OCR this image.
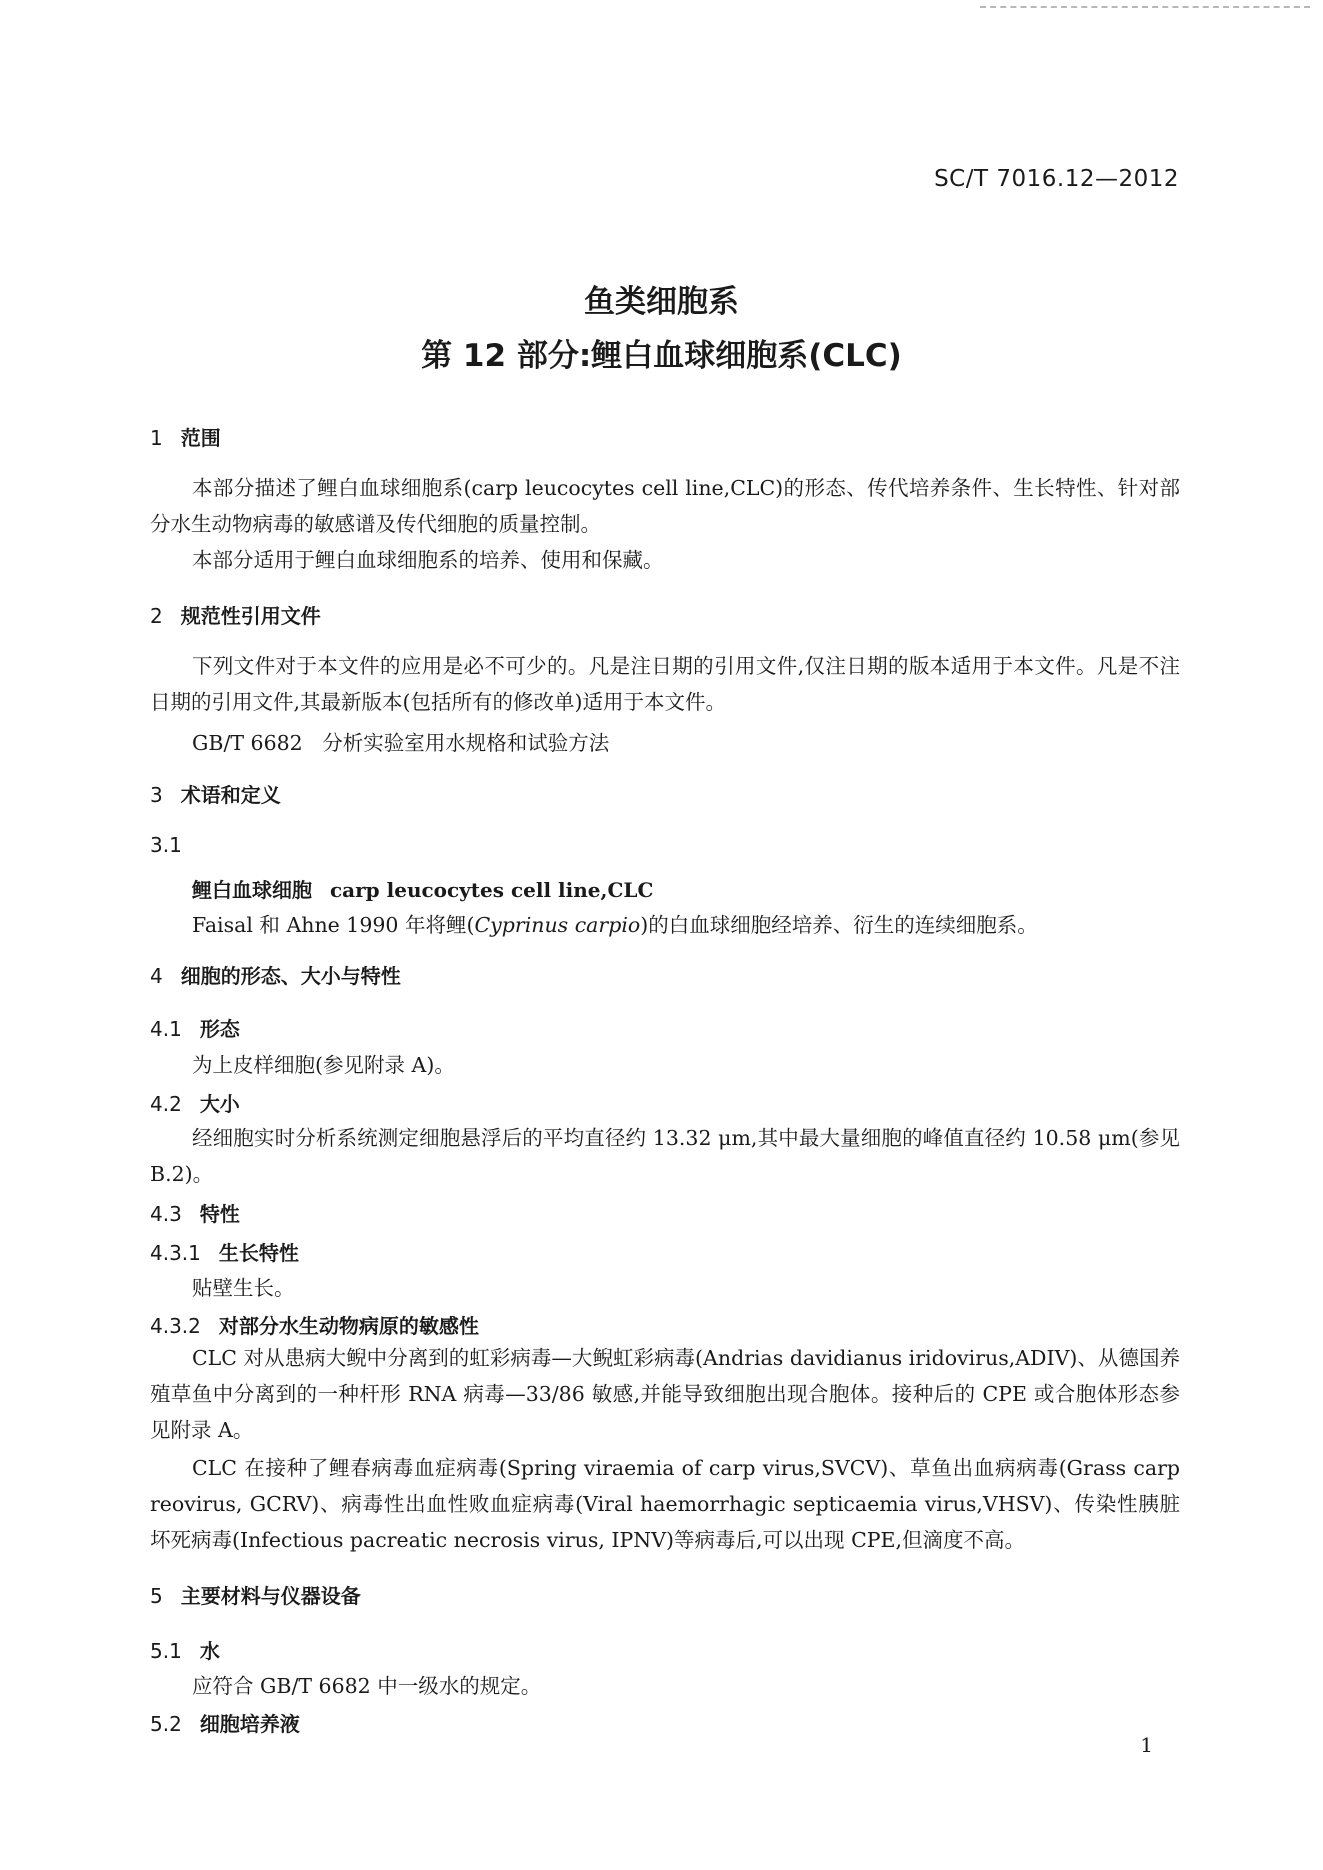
SC/T 7016.12—2012
鱼类细胞系
第 12 部分:鲤白血球细胞系(CLC)
1 范围
本部分描述了鲤白血球细胞系(carp leucocytes cell line,CLC)的形态、传代培养条件、生长特性、针对部分水生动物病毒的敏感谱及传代细胞的质量控制。
本部分适用于鲤白血球细胞系的培养、使用和保藏。
2 规范性引用文件
下列文件对于本文件的应用是必不可少的。凡是注日期的引用文件,仅注日期的版本适用于本文件。凡是不注日期的引用文件,其最新版本(包括所有的修改单)适用于本文件。
GB/T 6682 分析实验室用水规格和试验方法
3 术语和定义
3.1
鲤白血球细胞 carp leucocytes cell line,CLC
Faisal 和 Ahne 1990 年将鲤(Cyprinus carpio)的白血球细胞经培养、衍生的连续细胞系。
4 细胞的形态、大小与特性
4.1 形态
为上皮样细胞(参见附录 A)。
4.2 大小
经细胞实时分析系统测定细胞悬浮后的平均直径约 13.32 μm,其中最大量细胞的峰值直径约 10.58 μm(参见 B.2)。
4.3 特性
4.3.1 生长特性
贴壁生长。
4.3.2 对部分水生动物病原的敏感性
CLC 对从患病大鲵中分离到的虹彩病毒—大鲵虹彩病毒(Andrias davidianus iridovirus,ADIV)、从德国养殖草鱼中分离到的一种杆形 RNA 病毒—33/86 敏感,并能导致细胞出现合胞体。接种后的 CPE 或合胞体形态参见附录 A。
CLC 在接种了鲤春病毒血症病毒(Spring viraemia of carp virus,SVCV)、草鱼出血病病毒(Grass carp reovirus, GCRV)、病毒性出血性败血症病毒(Viral haemorrhagic septicaemia virus,VHSV)、传染性胰脏坏死病毒(Infectious pacreatic necrosis virus, IPNV)等病毒后,可以出现 CPE,但滴度不高。
5 主要材料与仪器设备
5.1 水
应符合 GB/T 6682 中一级水的规定。
5.2 细胞培养液
1
